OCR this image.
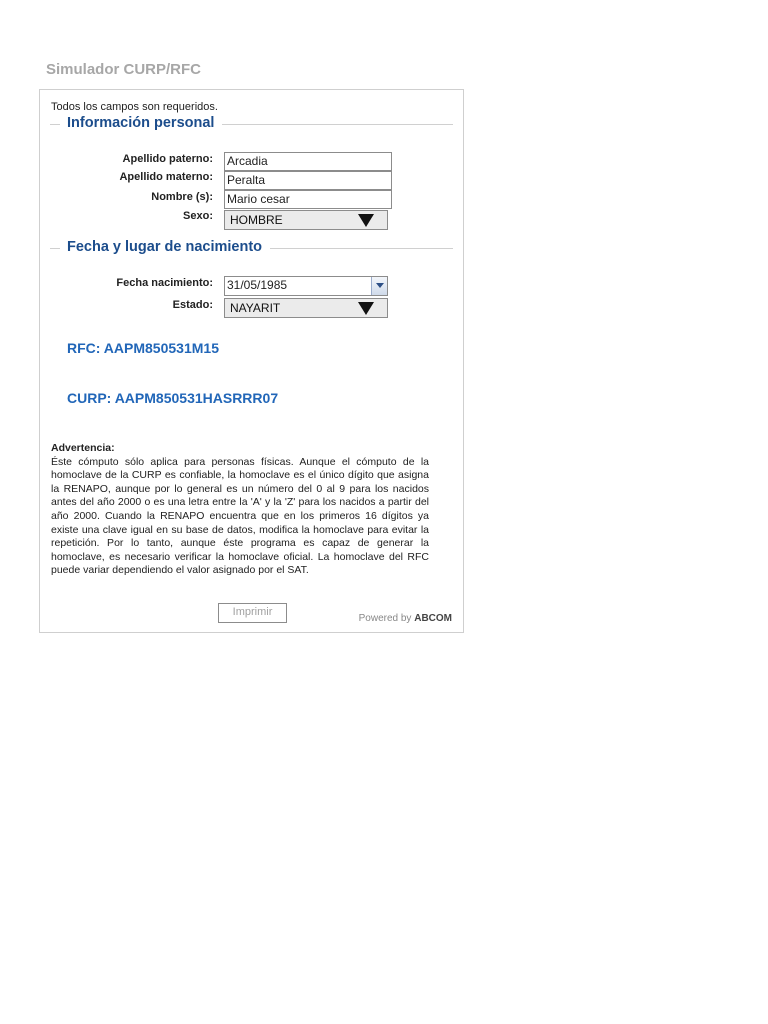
Simulador CURP/RFC
Todos los campos son requeridos.
Información personal
Apellido paterno: Arcadia
Apellido materno: Peralta
Nombre (s): Mario cesar
Sexo:	HOMBRE
Fecha y lugar de nacimiento
Fecha nacimiento: 31/05/1985
Estado:	NAYARIT
RFC: AAPM850531M15
CURP: AAPM850531HASRRR07
Advertencia:
Éste cómputo sólo aplica para personas físicas. Aunque el cómputo de la homoclave de la CURP es confiable, la homoclave es el único dígito que asigna la RENAPO, aunque por lo general es un número del 0 al 9 para los nacidos antes del año 2000 o es una letra entre la 'A' y la 'Z' para los nacidos a partir del año 2000. Cuando la RENAPO encuentra que en los primeros 16 dígitos ya existe una clave igual en su base de datos, modifica la homoclave para evitar la repetición. Por lo tanto, aunque éste programa es capaz de generar la homoclave, es necesario verificar la homoclave oficial. La homoclave del RFC puede variar dependiendo el valor asignado por el SAT.
Imprimir
Powered by ABCOM
